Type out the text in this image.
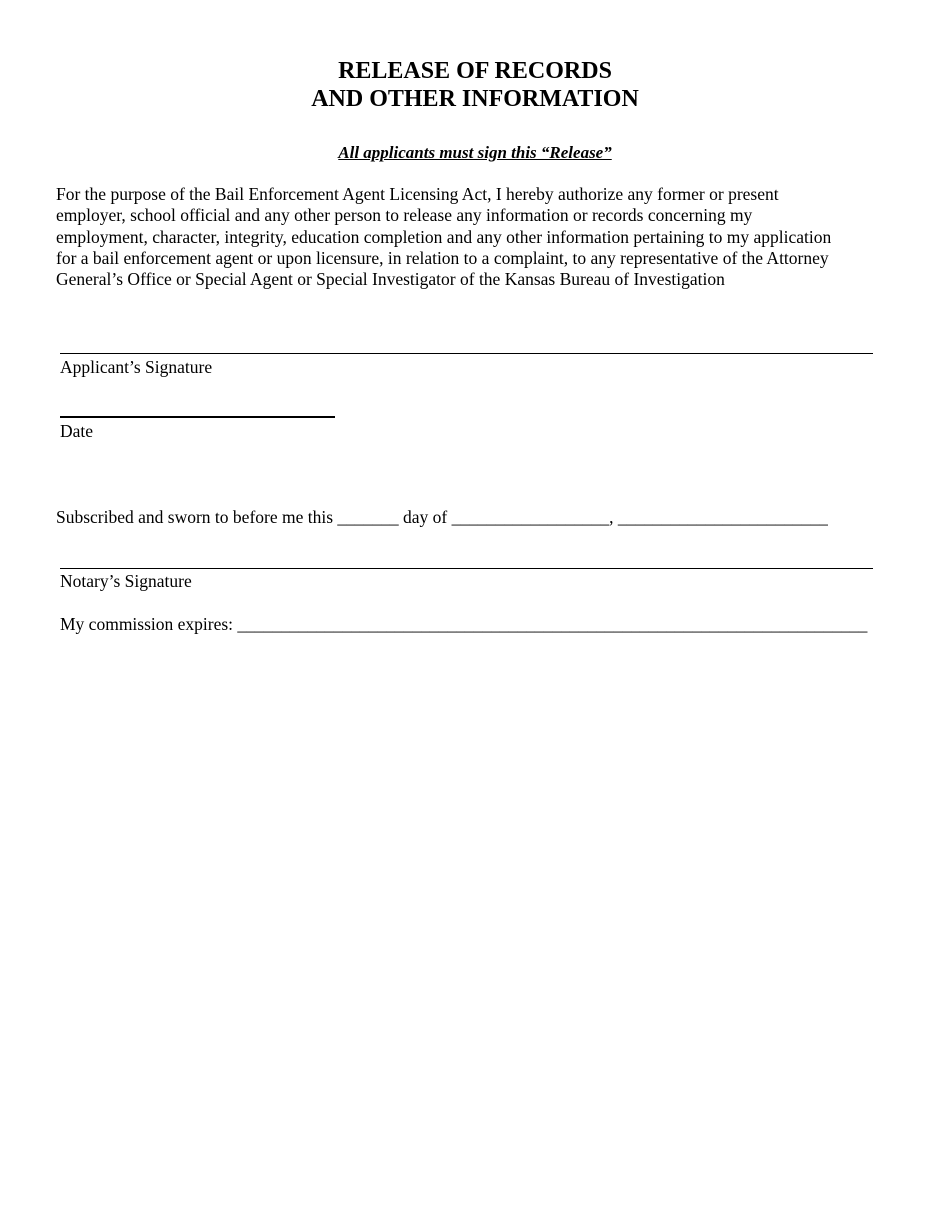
RELEASE OF RECORDS
AND OTHER INFORMATION
All applicants must sign this “Release”
For the purpose of the Bail Enforcement Agent Licensing Act, I hereby authorize any former or present
employer, school official and any other person to release any information or records concerning my
employment, character, integrity, education completion and any other information pertaining to my application
for a bail enforcement agent or upon licensure, in relation to a complaint, to any representative of the Attorney
General’s Office or Special Agent or Special Investigator of the Kansas Bureau of Investigation
Applicant’s Signature
Date
Subscribed and sworn to before me this _______ day of __________________, ________________________
Notary’s Signature
My commission expires: ________________________________________________________________________
